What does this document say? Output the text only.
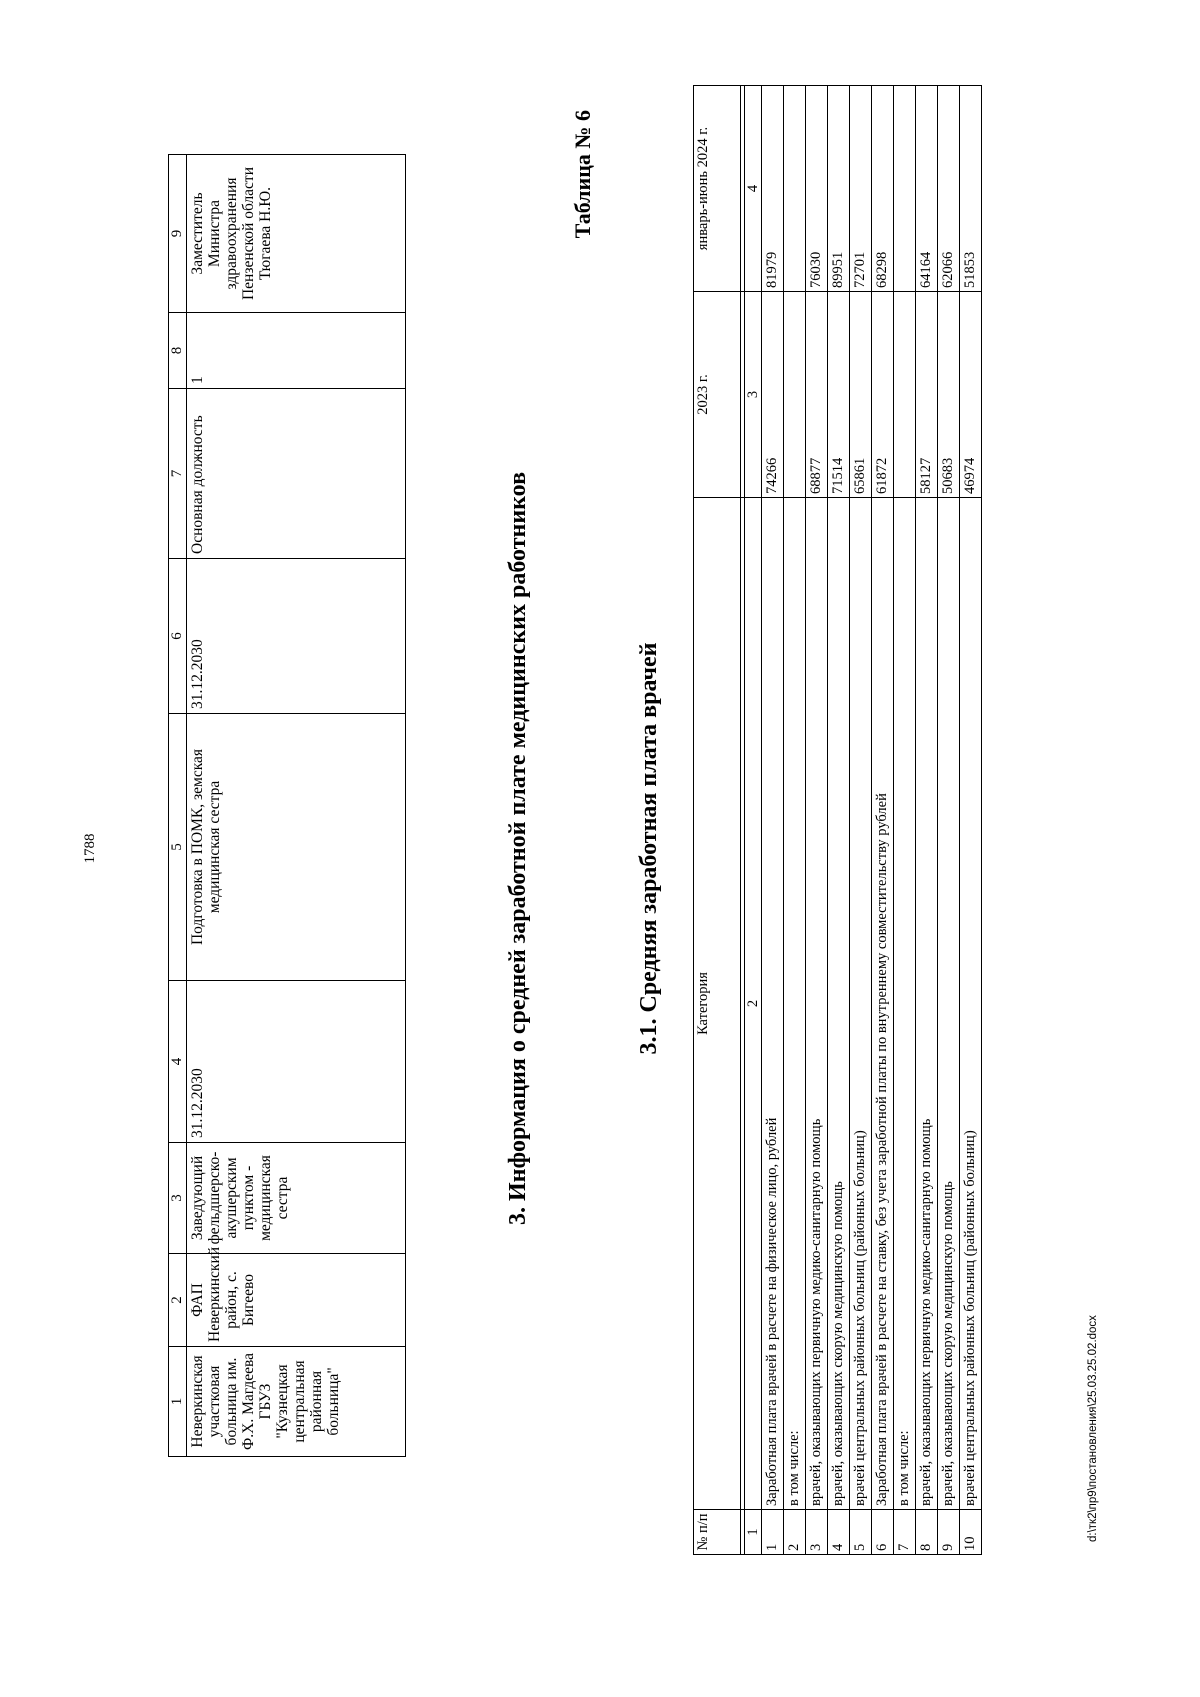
1788
1	2	3	4	5	6	7	8	9
Неверкинская участковая больница им. Ф.Х. Магдеева ГБУЗ "Кузнецкая центральная районная больница"	ФАП Неверкинский район, с. Бигеево	Заведующий фельдшерско-акушерским пунктом - медицинская сестра	31.12.2030	Подготовка в ПОМК, земская медицинская сестра	31.12.2030	Основная должность	1	Заместитель Министра здравоохранения Пензенской области Тюгаева Н.Ю.
3. Информация о средней заработной плате медицинских работников
Таблица № 6
3.1. Средняя заработная плата врачей
№ п/п	Категория	2023 г.	январь-июнь 2024 г.

1	2	3	4
1	Заработная плата врачей в расчете на физическое лицо, рублей	74266	81979
2	в том числе:		
3	врачей, оказывающих первичную медико-санитарную помощь	68877	76030
4	врачей, оказывающих скорую медицинскую помощь	71514	89951
5	врачей центральных районных больниц (районных больниц)	65861	72701
6	Заработная плата врачей в расчете на ставку, без учета заработной платы по внутреннему совместительству рублей	61872	68298
7	в том числе:		
8	врачей, оказывающих первичную медико-санитарную помощь	58127	64164
9	врачей, оказывающих скорую медицинскую помощь	50683	62066
10	врачей центральных районных больниц (районных больниц)	46974	51853
d:\тк2\пр9\постановления\25.03.25.02.docx
